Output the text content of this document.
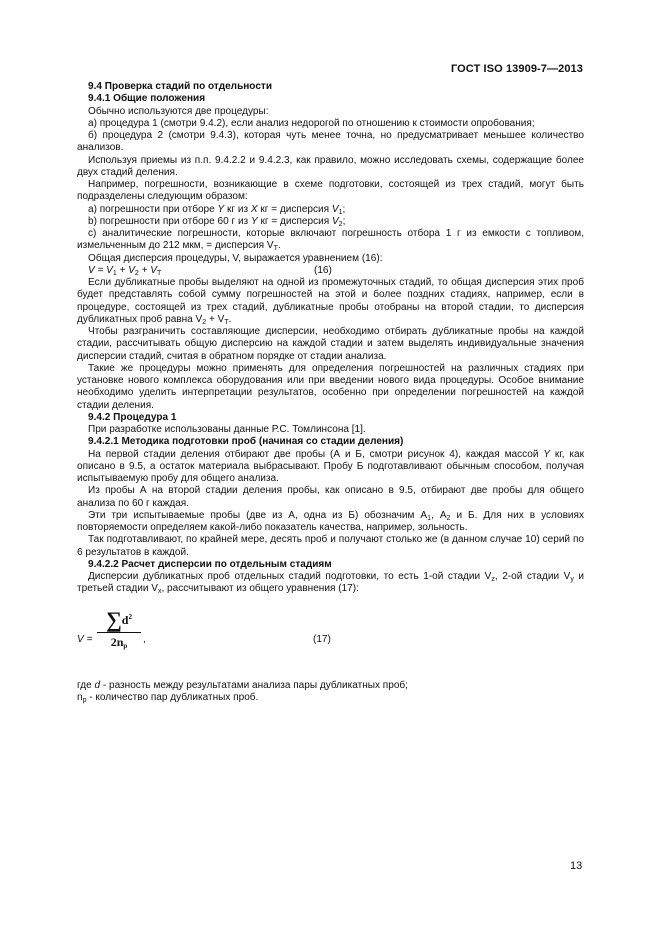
ГОСТ ISO 13909-7—2013

9.4 Проверка стадий по отдельности

9.4.1 Общие положения

Обычно используются две процедуры:

а) процедура 1 (смотри 9.4.2), если анализ недорогой по отношению к стоимости опробования;

б) процедура 2 (смотри 9.4.3), которая чуть менее точна, но предусматривает меньшее количество анализов.

Используя приемы из п.п. 9.4.2.2 и 9.4.2.3, как правило, можно исследовать схемы, содержащие более двух стадий деления.

Например, погрешности, возникающие в схеме подготовки, состоящей из трех стадий, могут быть подразделены следующим образом:

а) погрешности при отборе Y кг из X кг = дисперсия $V_1$;

b) погрешности при отборе 60 г из Y кг = дисперсия $V_2$;

с) аналитические погрешности, которые включают погрешность отбора 1 г из емкости с топливом, измельченным до 212 мкм, = дисперсия $V_T$.

Общая дисперсия процедуры, V, выражается уравнением (16):

$V = V_1 + V_2 + V_T$	(16)

Если дубликатные пробы выделяют на одной из промежуточных стадий, то общая дисперсия этих проб будет представлять собой сумму погрешностей на этой и более поздних стадиях, например, если в процедуре, состоящей из трех стадий, дубликатные пробы отобраны на второй стадии, то дисперсия дубликатных проб равна $V_2 + V_T$.

Чтобы разграничить составляющие дисперсии, необходимо отбирать дубликатные пробы на каждой стадии, рассчитывать общую дисперсию на каждой стадии и затем выделять индивидуальные значения дисперсии стадий, считая в обратном порядке от стадии анализа.

Такие же процедуры можно применять для определения погрешностей на различных стадиях при установке нового комплекса оборудования или при введении нового вида процедуры. Особое внимание необходимо уделить интерпретации результатов, особенно при определении погрешностей на каждой стадии деления.

9.4.2 Процедура 1

При разработке использованы данные Р.С. Томлинсона [1].

9.4.2.1 Методика подготовки проб (начиная со стадии деления)

На первой стадии деления отбирают две пробы (А и Б, смотри рисунок 4), каждая массой Y кг, как описано в 9.5, а остаток материала выбрасывают. Пробу Б подготавливают обычным способом, получая испытываемую пробу для общего анализа.

Из пробы А на второй стадии деления пробы, как описано в 9.5, отбирают две пробы для общего анализа по 60 г каждая.

Эти три испытываемые пробы (две из А, одна из Б) обозначим $А_1$, $А_2$ и Б. Для них в условиях повторяемости определяем какой-либо показатель качества, например, зольность.

Так подготавливают, по крайней мере, десять проб и получают столько же (в данном случае 10) серий по 6 результатов в каждой.

9.4.2.2 Расчет дисперсии по отдельным стадиям

Дисперсии дубликатных проб отдельных стадий подготовки, то есть 1-ой стадии $V_z$, 2-ой стадии $V_y$ и третьей стадии $V_x$, рассчитывают из общего уравнения (17):

V =
$\sum d^2$
$2n_p$
,	(17)

где d - разность между результатами анализа пары дубликатных проб;

$n_p$ - количество пар дубликатных проб.

13
